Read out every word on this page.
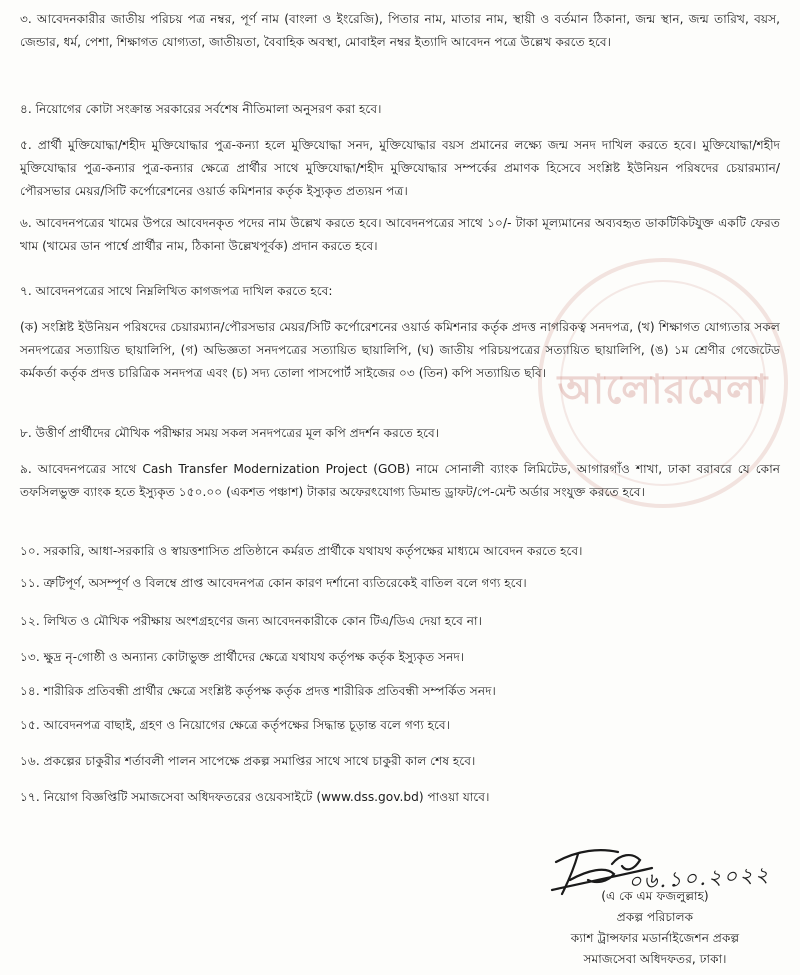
আলোরমেলা

৩. আবেদনকারীর জাতীয় পরিচয় পত্র নম্বর, পূর্ণ নাম (বাংলা ও ইংরেজি), পিতার নাম, মাতার নাম, স্থায়ী ও বর্তমান ঠিকানা, জন্ম স্থান, জন্ম তারিখ, বয়স, জেন্ডার, ধর্ম, পেশা, শিক্ষাগত যোগ্যতা, জাতীয়তা, বৈবাহিক অবস্থা, মোবাইল নম্বর ইত্যাদি আবেদন পত্রে উল্লেখ করতে হবে।

৪. নিয়োগের কোটা সংক্রান্ত সরকারের সর্বশেষ নীতিমালা অনুসরণ করা হবে।

৫. প্রার্থী মুক্তিযোদ্ধা/শহীদ মুক্তিযোদ্ধার পুত্র-কন্যা হলে মুক্তিযোদ্ধা সনদ, মুক্তিযোদ্ধার বয়স প্রমানের লক্ষ্যে জন্ম সনদ দাখিল করতে হবে। মুক্তিযোদ্ধা/শহীদ মুক্তিযোদ্ধার পুত্র-কন্যার পুত্র-কন্যার ক্ষেত্রে প্রার্থীর সাথে মুক্তিযোদ্ধা/শহীদ মুক্তিযোদ্ধার সম্পর্কের প্রমাণক হিসেবে সংশ্লিষ্ট ইউনিয়ন পরিষদের চেয়ারম্যান/পৌরসভার মেয়র/সিটি কর্পোরেশনের ওয়ার্ড কমিশনার কর্তৃক ইস্যুকৃত প্রত্যয়ন পত্র।

৬. আবেদনপত্রের খামের উপরে আবেদনকৃত পদের নাম উল্লেখ করতে হবে। আবেদনপত্রের সাথে ১০/- টাকা মূল্যমানের অব্যবহৃত ডাকটিকিটযুক্ত একটি ফেরত খাম (খামের ডান পার্শ্বে প্রার্থীর নাম, ঠিকানা উল্লেখপূর্বক) প্রদান করতে হবে।

৭. আবেদনপত্রের সাথে নিম্নলিখিত কাগজপত্র দাখিল করতে হবে:

(ক) সংশ্লিষ্ট ইউনিয়ন পরিষদের চেয়ারম্যান/পৌরসভার মেয়র/সিটি কর্পোরেশনের ওয়ার্ড কমিশনার কর্তৃক প্রদত্ত নাগরিকত্ব সনদপত্র, (খ) শিক্ষাগত যোগ্যতার সকল সনদপত্রের সত্যায়িত ছায়ালিপি, (গ) অভিজ্ঞতা সনদপত্রের সত্যায়িত ছায়ালিপি, (ঘ) জাতীয় পরিচয়পত্রের সত্যায়িত ছায়ালিপি, (ঙ) ১ম শ্রেণীর গেজেটেড কর্মকর্তা কর্তৃক প্রদত্ত চারিত্রিক সনদপত্র এবং (চ) সদ্য তোলা পাসপোর্ট সাইজের ০৩ (তিন) কপি সত্যায়িত ছবি।

৮. উত্তীর্ণ প্রার্থীদের মৌখিক পরীক্ষার সময় সকল সনদপত্রের মূল কপি প্রদর্শন করতে হবে।

৯. আবেদনপত্রের সাথে Cash Transfer Modernization Project (GOB) নামে সোনালী ব্যাংক লিমিটেড, আগারগাঁও শাখা, ঢাকা বরাবরে যে কোন তফসিলভুক্ত ব্যাংক হতে ইস্যুকৃত ১৫০.০০ (একশত পঞ্চাশ) টাকার অফেরৎযোগ্য ডিমান্ড ড্রাফট/পে-মেন্ট অর্ডার সংযুক্ত করতে হবে।

১০. সরকারি, আধা-সরকারি ও স্বায়ত্তশাসিত প্রতিষ্ঠানে কর্মরত প্রার্থীকে যথাযথ কর্তৃপক্ষের মাধ্যমে আবেদন করতে হবে।

১১. ত্রুটিপূর্ণ, অসম্পূর্ণ ও বিলম্বে প্রাপ্ত আবেদনপত্র কোন কারণ দর্শানো ব্যতিরেকেই বাতিল বলে গণ্য হবে।

১২. লিখিত ও মৌখিক পরীক্ষায় অংশগ্রহণের জন্য আবেদনকারীকে কোন টিএ/ডিএ দেয়া হবে না।

১৩. ক্ষুদ্র নৃ-গোষ্ঠী ও অন্যান্য কোটাভুক্ত প্রার্থীদের ক্ষেত্রে যথাযথ কর্তৃপক্ষ কর্তৃক ইস্যুকৃত সনদ।

১৪. শারীরিক প্রতিবন্ধী প্রার্থীর ক্ষেত্রে সংশ্লিষ্ট কর্তৃপক্ষ কর্তৃক প্রদত্ত শারীরিক প্রতিবন্ধী সম্পর্কিত সনদ।

১৫. আবেদনপত্র বাছাই, গ্রহণ ও নিয়োগের ক্ষেত্রে কর্তৃপক্ষের সিদ্ধান্ত চূড়ান্ত বলে গণ্য হবে।

১৬. প্রকল্পের চাকুরীর শর্তাবলী পালন সাপেক্ষে প্রকল্প সমাপ্তির সাথে সাথে চাকুরী কাল শেষ হবে।

১৭. নিয়োগ বিজ্ঞপ্তিটি সমাজসেবা অধিদফতরের ওয়েবসাইটে (www.dss.gov.bd) পাওয়া যাবে।

০৬.১০.২০২২
(এ কে এম ফজলুল্লাহ)
প্রকল্প পরিচালক
ক্যাশ ট্রান্সফার মডার্নাইজেশন প্রকল্প
সমাজসেবা অধিদফতর, ঢাকা।
